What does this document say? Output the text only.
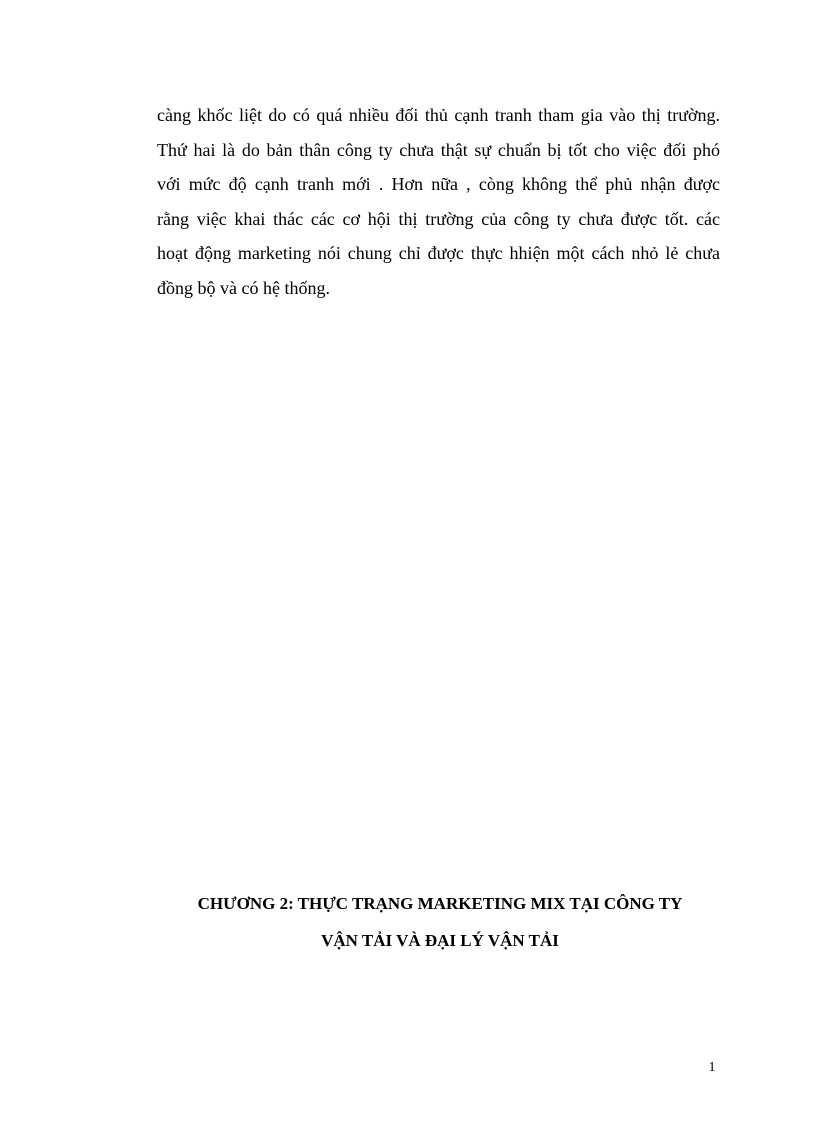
càng khốc liệt do có quá nhiều đối thủ cạnh tranh tham gia vào thị trường.
Thứ hai là do bản thân công ty chưa thật sự chuẩn bị tốt cho việc đối phó
với mức độ cạnh tranh mới . Hơn nữa , còng không thể phủ nhận được
rằng việc khai thác các cơ hội thị trường của công ty chưa được tốt. các
hoạt động marketing nói chung chỉ được thực hhiện một cách nhỏ lẻ chưa
đồng bộ và có hệ thống.
CHƯƠNG 2: THỰC TRẠNG MARKETING MIX TẠI CÔNG TY
VẬN TẢI VÀ ĐẠI LÝ VẬN TẢI
1
